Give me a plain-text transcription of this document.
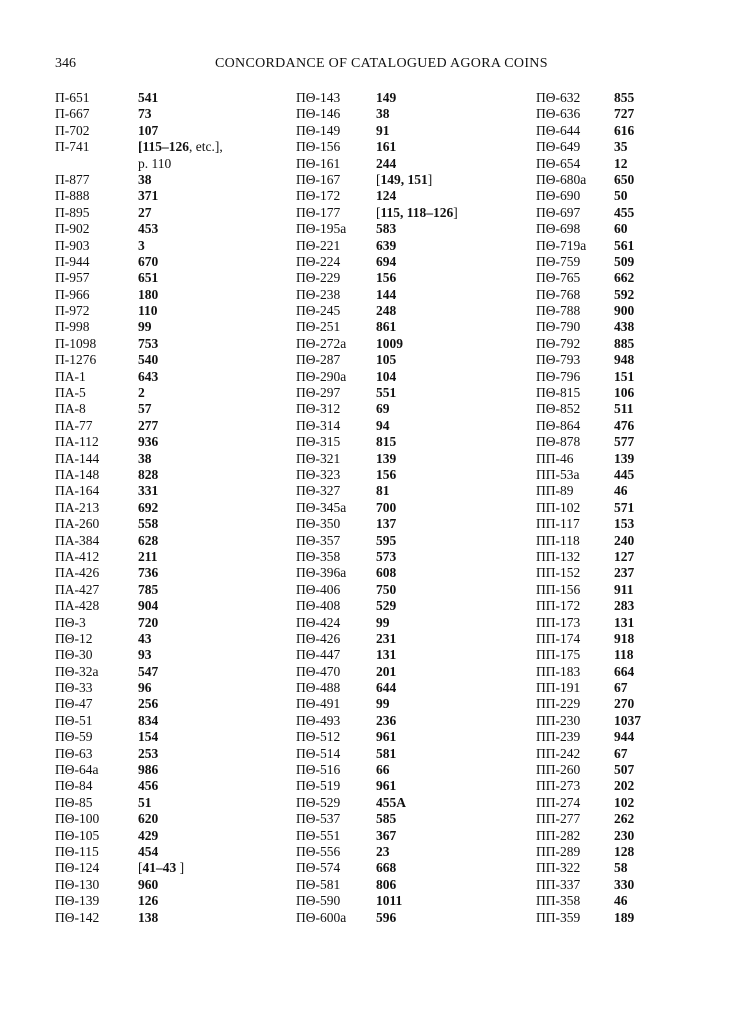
346	CONCORDANCE OF CATALOGUED AGORA COINS
Π-651	541
Π-667	73
Π-702	107
Π-741	[115–126, etc.],
p. 110
Π-877	38
Π-888	371
Π-895	27
Π-902	453
Π-903	3
Π-944	670
Π-957	651
Π-966	180
Π-972	110
Π-998	99
Π-1098	753
Π-1276	540
ΠΑ-1	643
ΠΑ-5	2
ΠΑ-8	57
ΠΑ-77	277
ΠΑ-112	936
ΠΑ-144	38
ΠΑ-148	828
ΠΑ-164	331
ΠΑ-213	692
ΠΑ-260	558
ΠΑ-384	628
ΠΑ-412	211
ΠΑ-426	736
ΠΑ-427	785
ΠΑ-428	904
ΠΘ-3	720
ΠΘ-12	43
ΠΘ-30	93
ΠΘ-32a	547
ΠΘ-33	96
ΠΘ-47	256
ΠΘ-51	834
ΠΘ-59	154
ΠΘ-63	253
ΠΘ-64a	986
ΠΘ-84	456
ΠΘ-85	51
ΠΘ-100	620
ΠΘ-105	429
ΠΘ-115	454
ΠΘ-124	[41–43 ]
ΠΘ-130	960
ΠΘ-139	126
ΠΘ-142	138
ΠΘ-143	149
ΠΘ-146	38
ΠΘ-149	91
ΠΘ-156	161
ΠΘ-161	244
ΠΘ-167	[149, 151]
ΠΘ-172	124
ΠΘ-177	[115, 118–126]
ΠΘ-195a 583
ΠΘ-221	639
ΠΘ-224	694
ΠΘ-229	156
ΠΘ-238	144
ΠΘ-245	248
ΠΘ-251	861
ΠΘ-272a 1009
ΠΘ-287	105
ΠΘ-290a 104
ΠΘ-297	551
ΠΘ-312	69
ΠΘ-314	94
ΠΘ-315	815
ΠΘ-321	139
ΠΘ-323	156
ΠΘ-327	81
ΠΘ-345a 700
ΠΘ-350	137
ΠΘ-357	595
ΠΘ-358	573
ΠΘ-396a 608
ΠΘ-406	750
ΠΘ-408	529
ΠΘ-424	99
ΠΘ-426	231
ΠΘ-447	131
ΠΘ-470	201
ΠΘ-488	644
ΠΘ-491	99
ΠΘ-493	236
ΠΘ-512	961
ΠΘ-514	581
ΠΘ-516	66
ΠΘ-519	961
ΠΘ-529	455A
ΠΘ-537	585
ΠΘ-551	367
ΠΘ-556	23
ΠΘ-574	668
ΠΘ-581	806
ΠΘ-590	1011
ΠΘ-600a 596
ΠΘ-632	855
ΠΘ-636	727
ΠΘ-644	616
ΠΘ-649	35
ΠΘ-654	12
ΠΘ-680a 650
ΠΘ-690	50
ΠΘ-697	455
ΠΘ-698	60
ΠΘ-719a 561
ΠΘ-759	509
ΠΘ-765	662
ΠΘ-768	592
ΠΘ-788	900
ΠΘ-790	438
ΠΘ-792	885
ΠΘ-793	948
ΠΘ-796	151
ΠΘ-815	106
ΠΘ-852	511
ΠΘ-864	476
ΠΘ-878	577
ΠΠ-46	139
ΠΠ-53a	445
ΠΠ-89	46
ΠΠ-102	571
ΠΠ-117	153
ΠΠ-118	240
ΠΠ-132	127
ΠΠ-152	237
ΠΠ-156	911
ΠΠ-172	283
ΠΠ-173	131
ΠΠ-174	918
ΠΠ-175	118
ΠΠ-183	664
ΠΠ-191	67
ΠΠ-229	270
ΠΠ-230	1037
ΠΠ-239	944
ΠΠ-242	67
ΠΠ-260	507
ΠΠ-273	202
ΠΠ-274	102
ΠΠ-277	262
ΠΠ-282	230
ΠΠ-289	128
ΠΠ-322	58
ΠΠ-337	330
ΠΠ-358	46
ΠΠ-359	189
